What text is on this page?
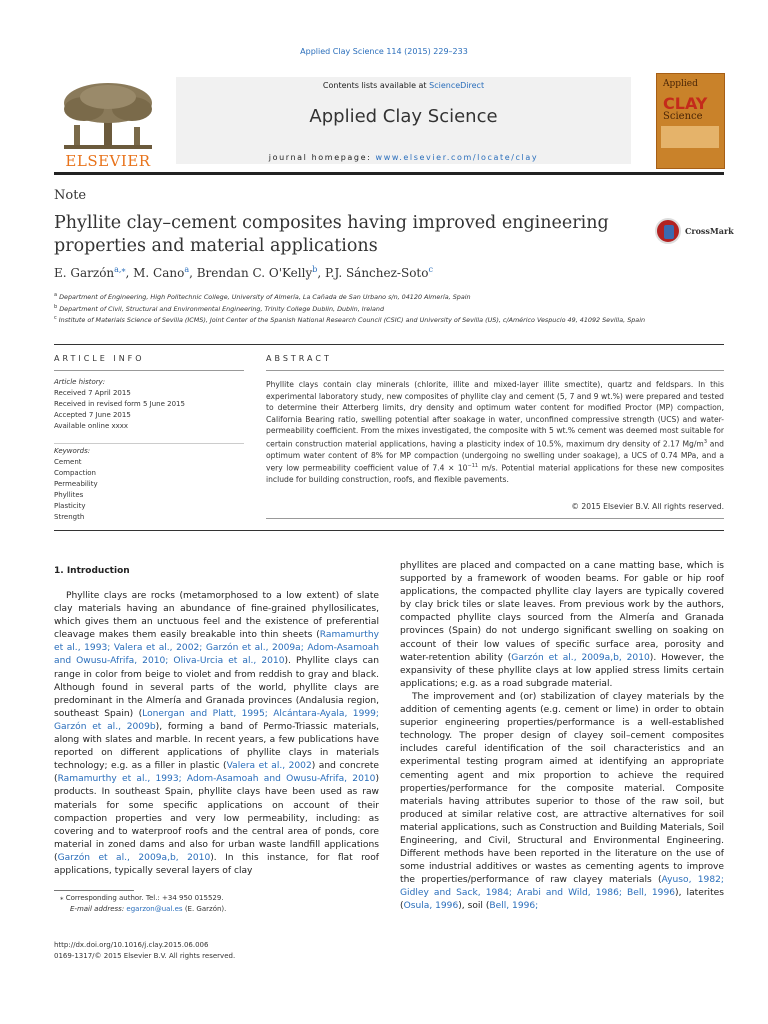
Applied Clay Science 114 (2015) 229–233
ELSEVIER
Contents lists available at ScienceDirect
Applied Clay Science
journal homepage: www.elsevier.com/locate/clay
Applied
CLAY
Science
Note
Phyllite clay–cement composites having improved engineering properties and material applications
CrossMark
E. Garzón$^{a,⁎}$, M. Cano$^a$, Brendan C. O'Kelly$^b$, P.J. Sánchez-Soto$^c$
$^a$ Department of Engineering, High Politechnic College, University of Almería, La Cañada de San Urbano s/n, 04120 Almería, Spain
$^b$ Department of Civil, Structural and Environmental Engineering, Trinity College Dublin, Dublin, Ireland
$^c$ Institute of Materials Science of Sevilla (ICMS), Joint Center of the Spanish National Research Council (CSIC) and University of Sevilla (US), c/Américo Vespucio 49, 41092 Sevilla, Spain
ARTICLE INFO	ABSTRACT
Article history:
Received 7 April 2015
Received in revised form 5 June 2015
Accepted 7 June 2015
Available online xxxx
Keywords:
Cement
Compaction
Permeability
Phyllites
Plasticity
Strength
Phyllite clays contain clay minerals (chlorite, illite and mixed-layer illite smectite), quartz and feldspars. In this experimental laboratory study, new composites of phyllite clay and cement (5, 7 and 9 wt.%) were prepared and tested to determine their Atterberg limits, dry density and optimum water content for modified Proctor (MP) compaction, California Bearing ratio, swelling potential after soakage in water, unconfined compressive strength (UCS) and water-permeability coefficient. From the mixes investigated, the composite with 5 wt.% cement was deemed most suitable for certain construction material applications, having a plasticity index of 10.5%, maximum dry density of 2.17 $Mg/m^3$ and optimum water content of 8% for MP compaction (undergoing no swelling under soakage), a UCS of 0.74 MPa, and a very low permeability coefficient value of $7.4 \times 10^{-11}$ m/s. Potential material applications for these new composites include for building construction, roofs, and flexible pavements.
© 2015 Elsevier B.V. All rights reserved.
1. Introduction

Phyllite clays are rocks (metamorphosed to a low extent) of slate clay materials having an abundance of fine-grained phyllosilicates, which gives them an unctuous feel and the existence of preferential cleavage makes them easily breakable into thin sheets (Ramamurthy et al., 1993; Valera et al., 2002; Garzón et al., 2009a; Adom-Asamoah and Owusu-Afrifa, 2010; Oliva-Urcia et al., 2010). Phyllite clays can range in color from beige to violet and from reddish to gray and black. Although found in several parts of the world, phyllite clays are predominant in the Almería and Granada provinces (Andalusia region, southeast Spain) (Lonergan and Platt, 1995; Alcántara-Ayala, 1999; Garzón et al., 2009b), forming a band of Permo-Triassic materials, along with slates and marble. In recent years, a few publications have reported on different applications of phyllite clays in materials technology; e.g. as a filler in plastic (Valera et al., 2002) and concrete (Ramamurthy et al., 1993; Adom-Asamoah and Owusu-Afrifa, 2010) products. In southeast Spain, phyllite clays have been used as raw materials for some specific applications on account of their compaction properties and very low permeability, including: as covering and to waterproof roofs and the central area of ponds, core material in zoned dams and also for urban waste landfill applications (Garzón et al., 2009a,b, 2010). In this instance, for flat roof applications, typically several layers of clay

phyllites are placed and compacted on a cane matting base, which is supported by a framework of wooden beams. For gable or hip roof applications, the compacted phyllite clay layers are typically covered by clay brick tiles or slate leaves. From previous work by the authors, compacted phyllite clays sourced from the Almería and Granada provinces (Spain) do not undergo significant swelling on soaking on account of their low values of specific surface area, porosity and water-retention ability (Garzón et al., 2009a,b, 2010). However, the expansivity of these phyllite clays at low applied stress limits certain applications; e.g. as a road subgrade material.

The improvement and (or) stabilization of clayey materials by the addition of cementing agents (e.g. cement or lime) in order to obtain superior engineering properties/performance is a well-established technology. The proper design of clayey soil–cement composites includes careful identification of the soil characteristics and an experimental testing program aimed at identifying an appropriate cementing agent and mix proportion to achieve the required properties/performance for the composite material. Composite materials having attributes superior to those of the raw soil, but produced at similar relative cost, are attractive alternatives for soil material applications, such as Construction and Building Materials, Soil Engineering, and Civil, Structural and Environmental Engineering. Different methods have been reported in the literature on the use of some industrial additives or wastes as cementing agents to improve the properties/performance of raw clayey materials (Ayuso, 1982; Gidley and Sack, 1984; Arabi and Wild, 1986; Bell, 1996), laterites (Osula, 1996), soil (Bell, 1996;

⁎ Corresponding author. Tel.: +34 950 015529.
E-mail address: egarzon@ual.es (E. Garzón).
http://dx.doi.org/10.1016/j.clay.2015.06.006
0169-1317/© 2015 Elsevier B.V. All rights reserved.
